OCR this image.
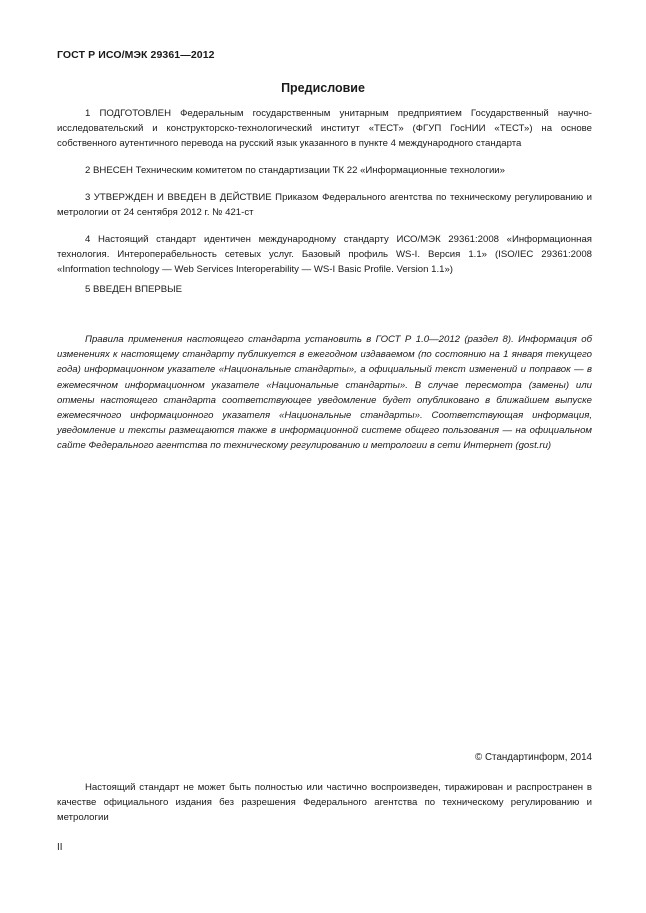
ГОСТ Р ИСО/МЭК 29361—2012
Предисловие

1 ПОДГОТОВЛЕН Федеральным государственным унитарным предприятием Государственный научно-исследовательский и конструкторско-технологический институт «ТЕСТ» (ФГУП ГосНИИ «ТЕСТ») на основе собственного аутентичного перевода на русский язык указанного в пункте 4 международного стандарта

2 ВНЕСЕН Техническим комитетом по стандартизации ТК 22 «Информационные технологии»

3 УТВЕРЖДЕН И ВВЕДЕН В ДЕЙСТВИЕ Приказом Федерального агентства по техническому регулированию и метрологии от 24 сентября 2012 г. № 421-ст

4 Настоящий стандарт идентичен международному стандарту ИСО/МЭК 29361:2008 «Информационная технология. Интероперабельность сетевых услуг. Базовый профиль WS-I. Версия 1.1» (ISO/IEC 29361:2008 «Information technology — Web Services Interoperability — WS-I Basic Profile. Version 1.1»)

5 ВВЕДЕН ВПЕРВЫЕ

Правила применения настоящего стандарта установить в ГОСТ Р 1.0—2012 (раздел 8). Информация об изменениях к настоящему стандарту публикуется в ежегодном издаваемом (по состоянию на 1 января текущего года) информационном указателе «Национальные стандарты», а официальный текст изменений и поправок — в ежемесячном информационном указателе «Национальные стандарты». В случае пересмотра (замены) или отмены настоящего стандарта соответствующее уведомление будет опубликовано в ближайшем выпуске ежемесячного информационного указателя «Национальные стандарты». Соответствующая информация, уведомление и тексты размещаются также в информационной системе общего пользования — на официальном сайте Федерального агентства по техническому регулированию и метрологии в сети Интернет (gost.ru)

© Стандартинформ, 2014

Настоящий стандарт не может быть полностью или частично воспроизведен, тиражирован и распространен в качестве официального издания без разрешения Федерального агентства по техническому регулированию и метрологии

II
